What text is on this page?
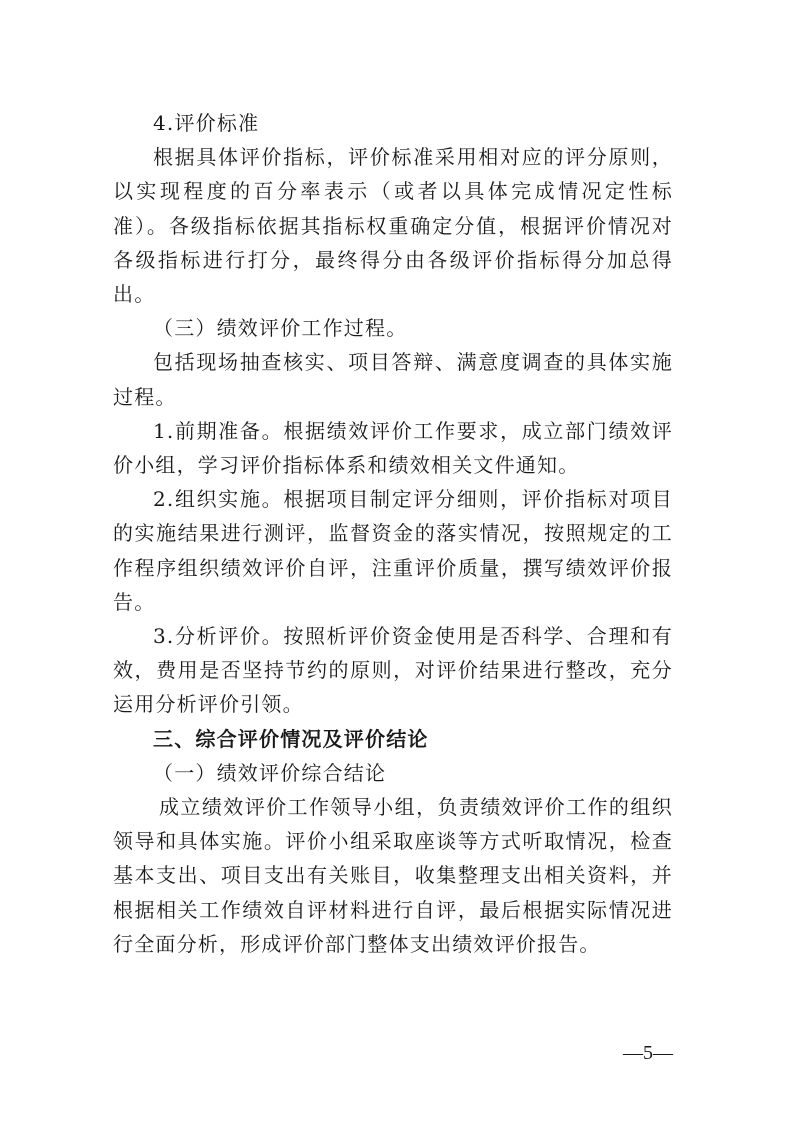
4.评价标准

根据具体评价指标，评价标准采用相对应的评分原则，以实现程度的百分率表示（或者以具体完成情况定性标准）。各级指标依据其指标权重确定分值，根据评价情况对各级指标进行打分，最终得分由各级评价指标得分加总得出。

（三）绩效评价工作过程。

包括现场抽查核实、项目答辩、满意度调查的具体实施过程。

1.前期准备。根据绩效评价工作要求，成立部门绩效评价小组，学习评价指标体系和绩效相关文件通知。

2.组织实施。根据项目制定评分细则，评价指标对项目的实施结果进行测评，监督资金的落实情况，按照规定的工作程序组织绩效评价自评，注重评价质量，撰写绩效评价报告。

3.分析评价。按照析评价资金使用是否科学、合理和有效，费用是否坚持节约的原则，对评价结果进行整改，充分运用分析评价引领。

三、综合评价情况及评价结论

（一）绩效评价综合结论

成立绩效评价工作领导小组，负责绩效评价工作的组织领导和具体实施。评价小组采取座谈等方式听取情况，检查基本支出、项目支出有关账目，收集整理支出相关资料，并根据相关工作绩效自评材料进行自评，最后根据实际情况进行全面分析，形成评价部门整体支出绩效评价报告。

—5—
